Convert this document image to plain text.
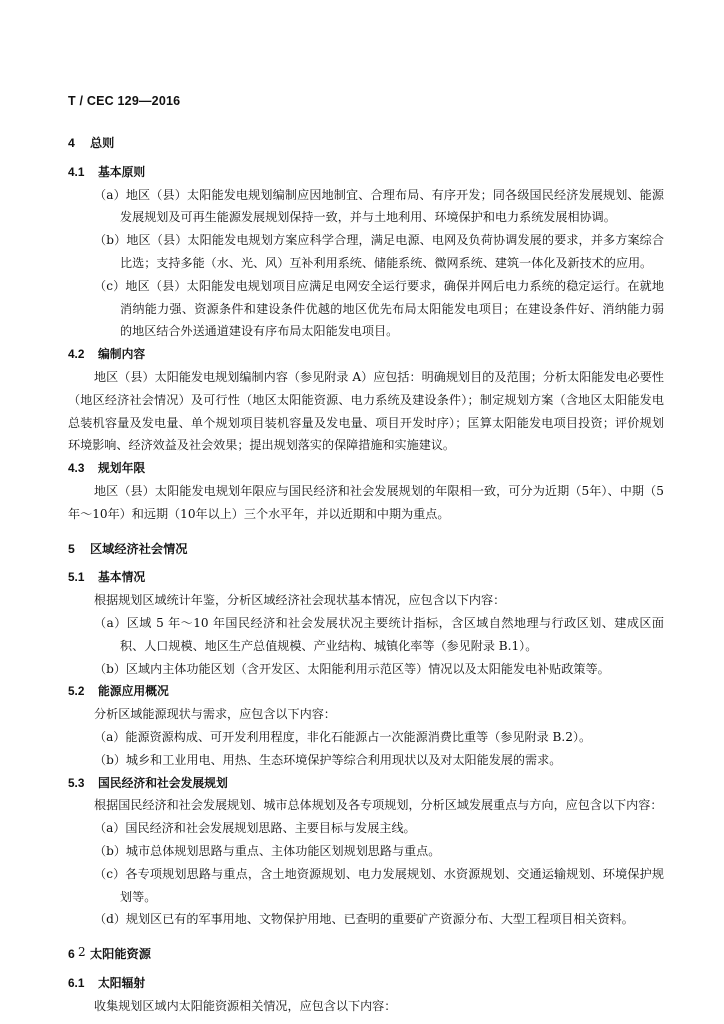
T / CEC 129—2016
4 总则
4.1 基本原则
（a）地区（县）太阳能发电规划编制应因地制宜、合理布局、有序开发；同各级国民经济发展规划、能源发展规划及可再生能源发展规划保持一致，并与土地利用、环境保护和电力系统发展相协调。
（b）地区（县）太阳能发电规划方案应科学合理，满足电源、电网及负荷协调发展的要求，并多方案综合比选；支持多能（水、光、风）互补利用系统、储能系统、微网系统、建筑一体化及新技术的应用。
（c）地区（县）太阳能发电规划项目应满足电网安全运行要求，确保并网后电力系统的稳定运行。在就地消纳能力强、资源条件和建设条件优越的地区优先布局太阳能发电项目；在建设条件好、消纳能力弱的地区结合外送通道建设有序布局太阳能发电项目。
4.2 编制内容
地区（县）太阳能发电规划编制内容（参见附录 A）应包括：明确规划目的及范围；分析太阳能发电必要性（地区经济社会情况）及可行性（地区太阳能资源、电力系统及建设条件）；制定规划方案（含地区太阳能发电总装机容量及发电量、单个规划项目装机容量及发电量、项目开发时序）；匡算太阳能发电项目投资；评价规划环境影响、经济效益及社会效果；提出规划落实的保障措施和实施建议。
4.3 规划年限
地区（县）太阳能发电规划年限应与国民经济和社会发展规划的年限相一致，可分为近期（5年）、中期（5年～10年）和远期（10年以上）三个水平年，并以近期和中期为重点。
5 区域经济社会情况
5.1 基本情况
根据规划区域统计年鉴，分析区域经济社会现状基本情况，应包含以下内容：
（a）区域 5 年～10 年国民经济和社会发展状况主要统计指标，含区域自然地理与行政区划、建成区面积、人口规模、地区生产总值规模、产业结构、城镇化率等（参见附录 B.1）。
（b）区域内主体功能区划（含开发区、太阳能利用示范区等）情况以及太阳能发电补贴政策等。
5.2 能源应用概况
分析区域能源现状与需求，应包含以下内容：
（a）能源资源构成、可开发利用程度，非化石能源占一次能源消费比重等（参见附录 B.2）。
（b）城乡和工业用电、用热、生态环境保护等综合利用现状以及对太阳能发展的需求。
5.3 国民经济和社会发展规划
根据国民经济和社会发展规划、城市总体规划及各专项规划，分析区域发展重点与方向，应包含以下内容：
（a）国民经济和社会发展规划思路、主要目标与发展主线。
（b）城市总体规划思路与重点、主体功能区划规划思路与重点。
（c）各专项规划思路与重点，含土地资源规划、电力发展规划、水资源规划、交通运输规划、环境保护规划等。
（d）规划区已有的军事用地、文物保护用地、已查明的重要矿产资源分布、大型工程项目相关资料。
6 太阳能资源
6.1 太阳辐射
收集规划区域内太阳能资源相关情况，应包含以下内容：
2
